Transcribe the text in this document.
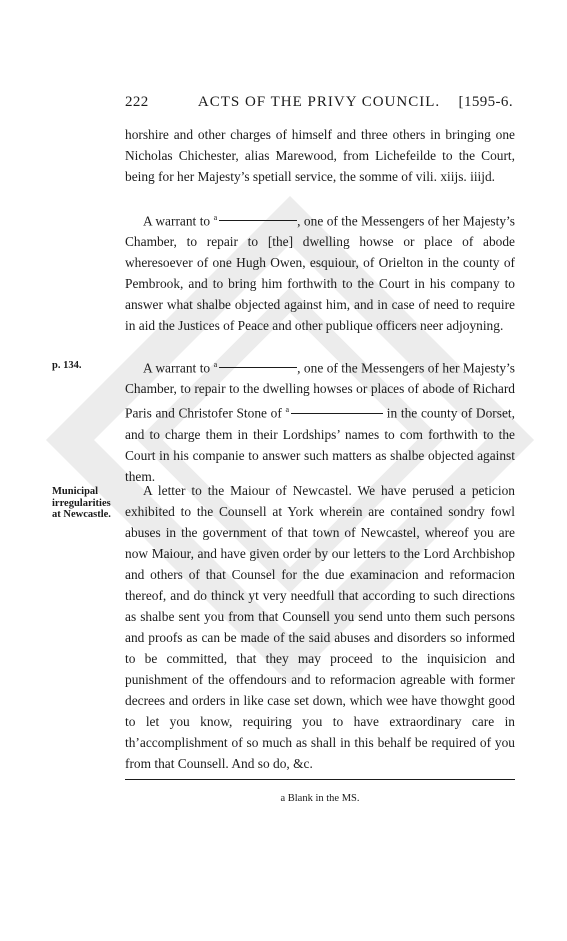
222	ACTS OF THE PRIVY COUNCIL.	[1595-6.

horshire and other charges of himself and three others in bringing one Nicholas Chichester, alias Marewood, from Lichefeilde to the Court, being for her Majesty’s spetiall service, the somme of vili. xiijs. iiijd.

A warrant to $^a$	, one of the Messengers of her Majesty’s Chamber, to repair to [the] dwelling howse or place of abode wheresoever of one Hugh Owen, esquiour, of Orielton in the county of Pembrook, and to bring him forthwith to the Court in his company to answer what shalbe objected against him, and in case of need to require in aid the Justices of Peace and other publique officers neer adjoyning.

p. 134.	A warrant to $^a$	, one of the Messengers of her Majesty’s Chamber, to repair to the dwelling howses or places of abode of Richard Paris and Christofer Stone of $^a$	in the county of Dorset, and to charge them in their Lordships’ names to com forthwith to the Court in his companie to answer such matters as shalbe objected against them.

Municipal irregularities at Newcastle.

A letter to the Maiour of Newcastel. We have perused a peticion exhibited to the Counsell at York wherein are contained sondry fowl abuses in the government of that town of Newcastel, whereof you are now Maiour, and have given order by our letters to the Lord Archbishop and others of that Counsel for the due examinacion and reformacion thereof, and do thinck yt very needfull that according to such directions as shalbe sent you from that Counsell you send unto them such persons and proofs as can be made of the said abuses and disorders so informed to be committed, that they may proceed to the inquisicion and punishment of the offendours and to reformacion agreable with former decrees and orders in like case set down, which wee have thowght good to let you know, requiring you to have extraordinary care in th’accomplishment of so much as shall in this behalf be required of you from that Counsell. And so do, &c.

a Blank in the MS.
